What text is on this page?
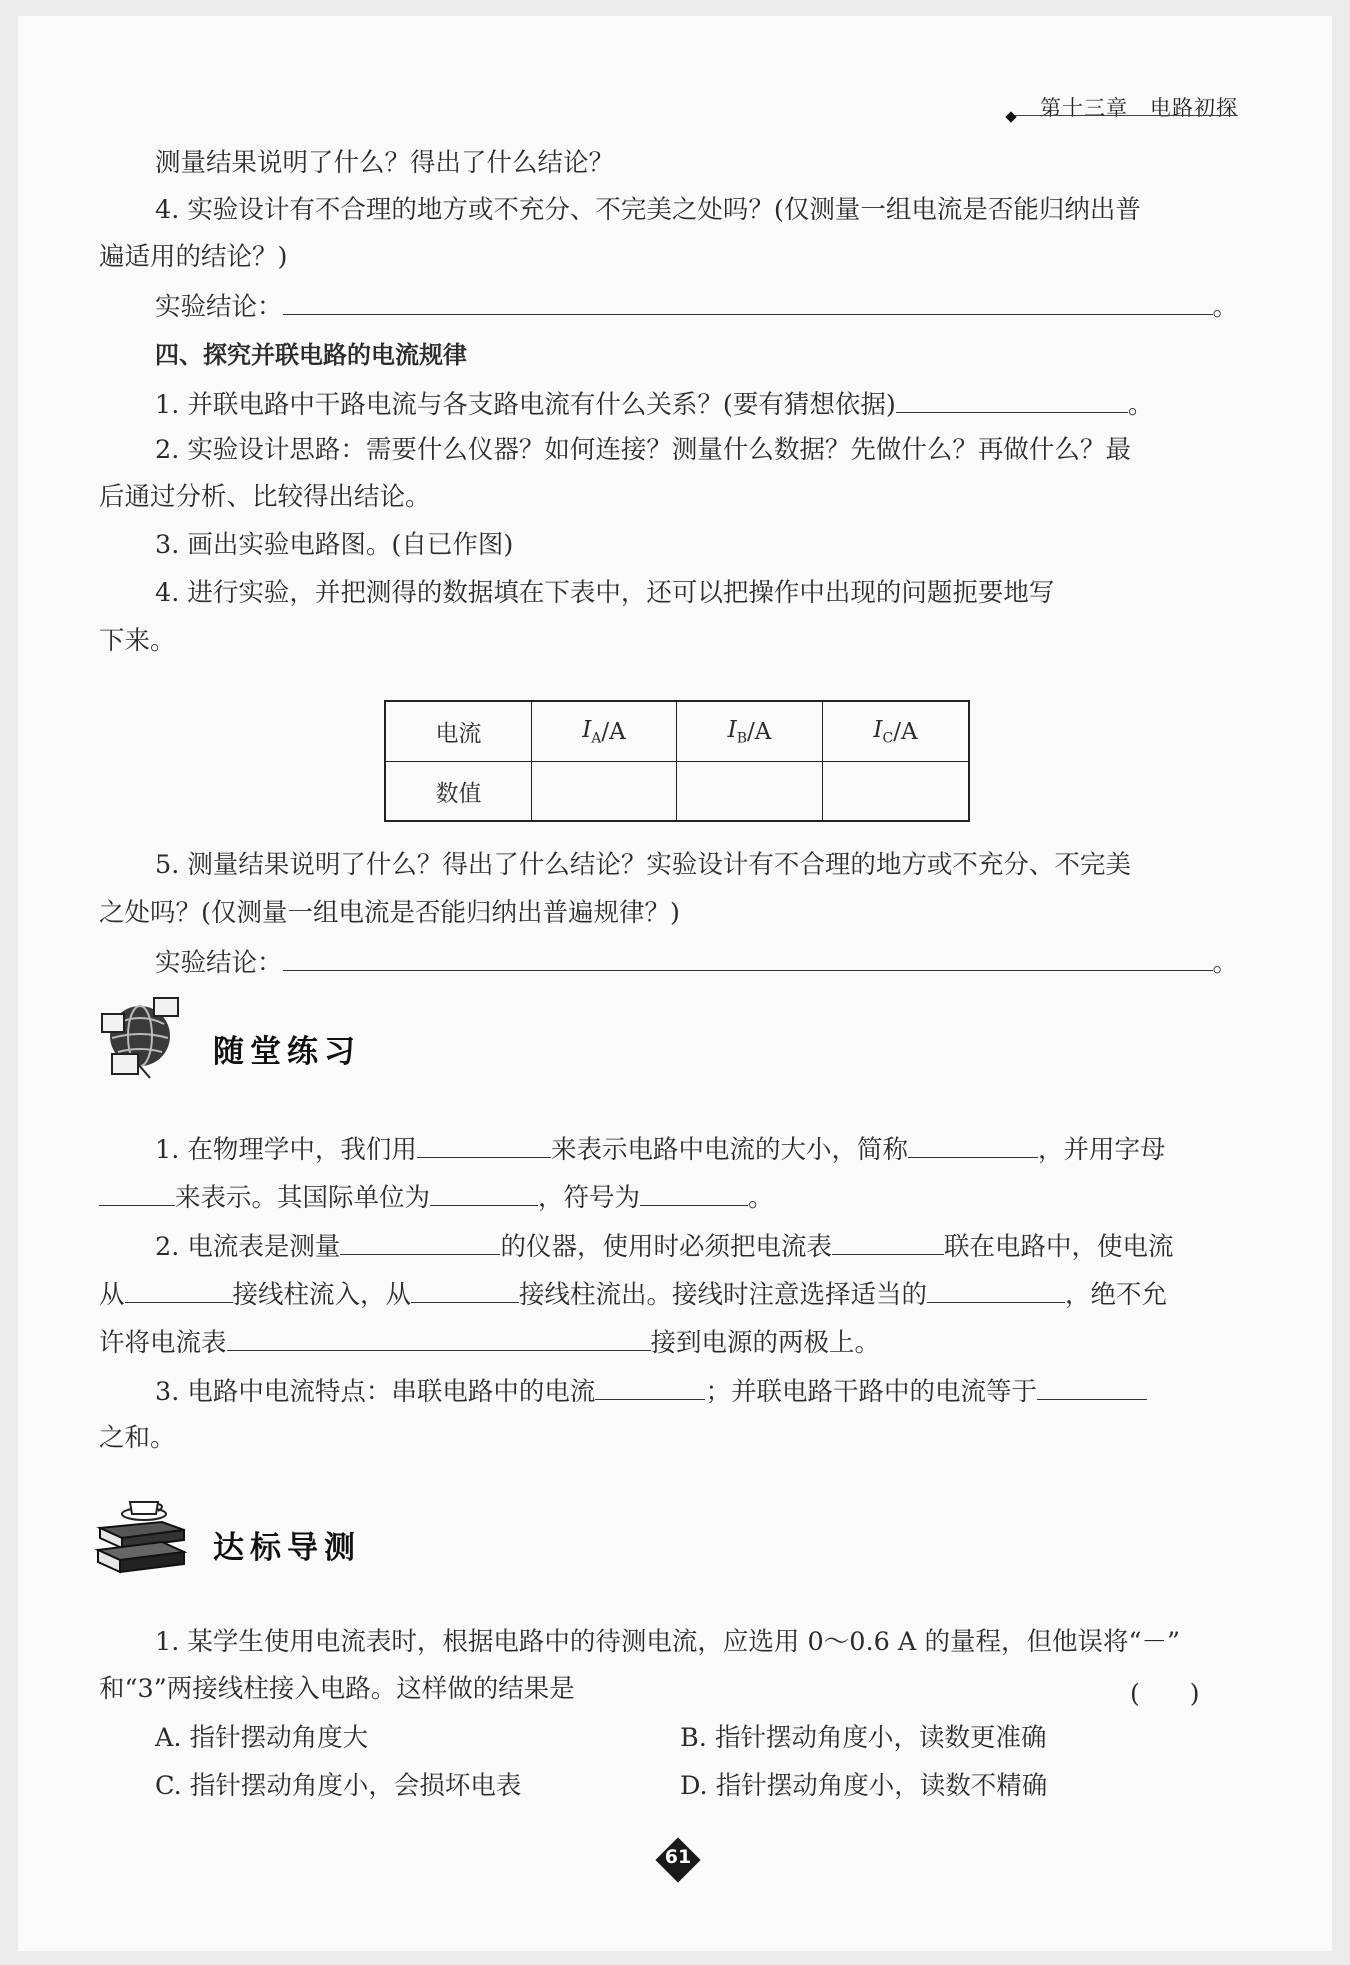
第十三章　电路初探
测量结果说明了什么？得出了什么结论？
4. 实验设计有不合理的地方或不充分、不完美之处吗？(仅测量一组电流是否能归纳出普
遍适用的结论？)
实验结论：	。
四、探究并联电路的电流规律
1. 并联电路中干路电流与各支路电流有什么关系？(要有猜想依据)	。
2. 实验设计思路：需要什么仪器？如何连接？测量什么数据？先做什么？再做什么？最
后通过分析、比较得出结论。
3. 画出实验电路图。(自已作图)
4. 进行实验，并把测得的数据填在下表中，还可以把操作中出现的问题扼要地写
下来。
电流	$I_A$ /A	$I_B$ /A	$I_C$ /A
数值
5. 测量结果说明了什么？得出了什么结论？实验设计有不合理的地方或不充分、不完美
之处吗？(仅测量一组电流是否能归纳出普遍规律？)
实验结论：	。
随堂练习
1. 在物理学中，我们用	来表示电路中电流的大小，简称	，并用字母
来表示。其国际单位为	，符号为	。
2. 电流表是测量	的仪器，使用时必须把电流表	联在电路中，使电流
从	接线柱流入，从	接线柱流出。接线时注意选择适当的	，绝不允
许将电流表	接到电源的两极上。
3. 电路中电流特点：串联电路中的电流	；并联电路干路中的电流等于
之和。
达标导测
1. 某学生使用电流表时，根据电路中的待测电流，应选用 0～0.6 A 的量程，但他误将“－”
和“3”两接线柱接入电路。这样做的结果是	(　　)
A. 指针摆动角度大	B. 指针摆动角度小，读数更准确
C. 指针摆动角度小，会损坏电表	D. 指针摆动角度小，读数不精确
61
